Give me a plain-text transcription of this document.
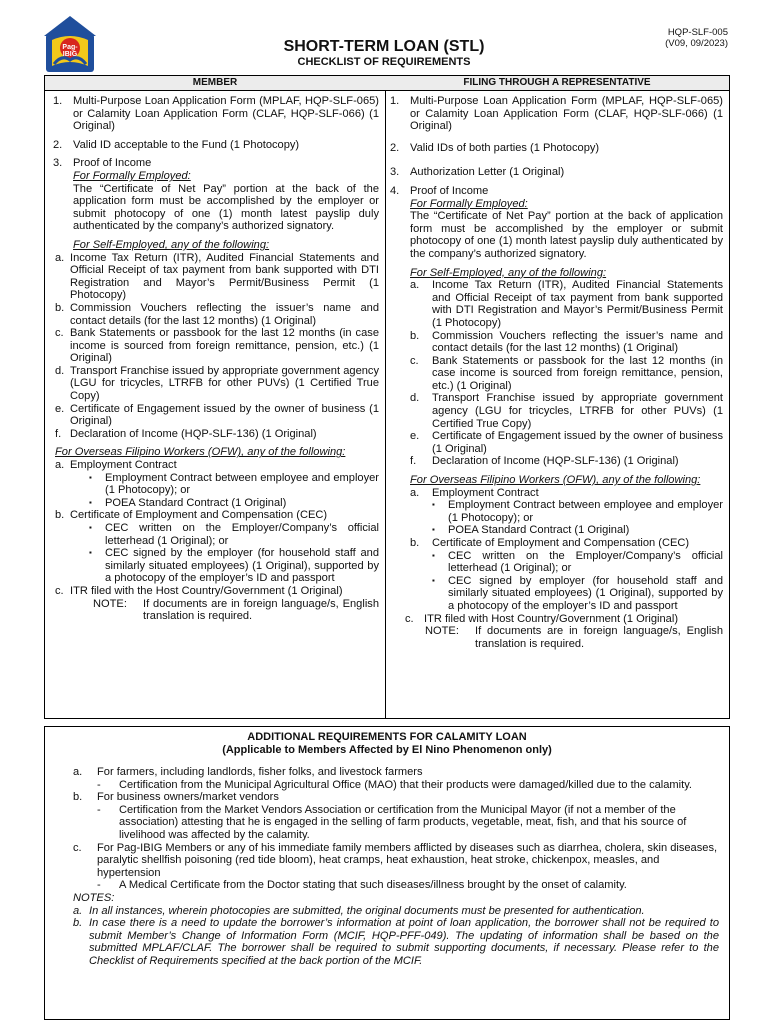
Pag-IBIG
HQP-SLF-005
(V09, 09/2023)
SHORT-TERM LOAN (STL)
CHECKLIST OF REQUIREMENTS
MEMBER
1. Multi-Purpose Loan Application Form (MPLAF, HQP-SLF-065) or Calamity Loan Application Form (CLAF, HQP-SLF-066) (1 Original)
2. Valid ID acceptable to the Fund (1 Photocopy)
3. Proof of Income
For Formally Employed:
The “Certificate of Net Pay” portion at the back of the application form must be accomplished by the employer or submit photocopy of one (1) month latest payslip duly authenticated by the company’s authorized signatory.
For Self-Employed, any of the following:
a. Income Tax Return (ITR), Audited Financial Statements and Official Receipt of tax payment from bank supported with DTI Registration and Mayor’s Permit/Business Permit (1 Photocopy)
b. Commission Vouchers reflecting the issuer’s name and contact details (for the last 12 months) (1 Original)
c. Bank Statements or passbook for the last 12 months (in case income is sourced from foreign remittance, pension, etc.) (1 Original)
d. Transport Franchise issued by appropriate government agency (LGU for tricycles, LTRFB for other PUVs) (1 Certified True Copy)
e. Certificate of Engagement issued by the owner of business (1 Original)
f. Declaration of Income (HQP-SLF-136) (1 Original)
For Overseas Filipino Workers (OFW), any of the following:
a. Employment Contract
▪	Employment Contract between employee and employer (1 Photocopy); or
▪	POEA Standard Contract (1 Original)
b. Certificate of Employment and Compensation (CEC)
▪	CEC written on the Employer/Company’s official letterhead (1 Original); or
▪	CEC signed by the employer (for household staff and similarly situated employees) (1 Original), supported by a photocopy of the employer’s ID and passport
c. ITR filed with the Host Country/Government (1 Original)
NOTE:	If documents are in foreign language/s, English translation is required.
FILING THROUGH A REPRESENTATIVE
1. Multi-Purpose Loan Application Form (MPLAF, HQP-SLF-065) or Calamity Loan Application Form (CLAF, HQP-SLF-066) (1 Original)
2. Valid IDs of both parties (1 Photocopy)
3. Authorization Letter (1 Original)
4. Proof of Income
For Formally Employed:
The “Certificate of Net Pay” portion at the back of application form must be accomplished by the employer or submit photocopy of one (1) month latest payslip duly authenticated by the company’s authorized signatory.
For Self-Employed, any of the following:
a.	Income Tax Return (ITR), Audited Financial Statements and Official Receipt of tax payment from bank supported with DTI Registration and Mayor’s Permit/Business Permit (1 Photocopy)
b.	Commission Vouchers reflecting the issuer’s name and contact details (for the last 12 months) (1 Original)
c.	Bank Statements or passbook for the last 12 months (in case income is sourced from foreign remittance, pension, etc.) (1 Original)
d.	Transport Franchise issued by appropriate government agency (LGU for tricycles, LTRFB for other PUVs) (1 Certified True Copy)
e.	Certificate of Engagement issued by the owner of business (1 Original)
f.	Declaration of Income (HQP-SLF-136) (1 Original)
For Overseas Filipino Workers (OFW), any of the following:
a.	Employment Contract
▪	Employment Contract between employee and employer (1 Photocopy); or
▪	POEA Standard Contract (1 Original)
b.	Certificate of Employment and Compensation (CEC)
▪	CEC written on the Employer/Company’s official letterhead (1 Original); or
▪	CEC signed by employer (for household staff and similarly situated employees) (1 Original), supported by a photocopy of the employer’s ID and passport
c. ITR filed with Host Country/Government (1 Original)
NOTE:	If documents are in foreign language/s, English translation is required.
ADDITIONAL REQUIREMENTS FOR CALAMITY LOAN
(Applicable to Members Affected by El Nino Phenomenon only)
a.	For farmers, including landlords, fisher folks, and livestock farmers
-	Certification from the Municipal Agricultural Office (MAO) that their products were damaged/killed due to the calamity.
b.	For business owners/market vendors
-	Certification from the Market Vendors Association or certification from the Municipal Mayor (if not a member of the association) attesting that he is engaged in the selling of farm products, vegetable, meat, fish, and that his source of livelihood was affected by the calamity.
c.	For Pag-IBIG Members or any of his immediate family members afflicted by diseases such as diarrhea, cholera, skin diseases, paralytic shellfish poisoning (red tide bloom), heat cramps, heat exhaustion, heat stroke, chickenpox, measles, and hypertension
-	A Medical Certificate from the Doctor stating that such diseases/illness brought by the onset of calamity.
NOTES:
a. In all instances, wherein photocopies are submitted, the original documents must be presented for authentication.
b. In case there is a need to update the borrower’s information at point of loan application, the borrower shall not be required to submit Member’s Change of Information Form (MCIF, HQP-PFF-049). The updating of information shall be based on the submitted MPLAF/CLAF. The borrower shall be required to submit supporting documents, if necessary. Please refer to the Checklist of Requirements specified at the back portion of the MCIF.
